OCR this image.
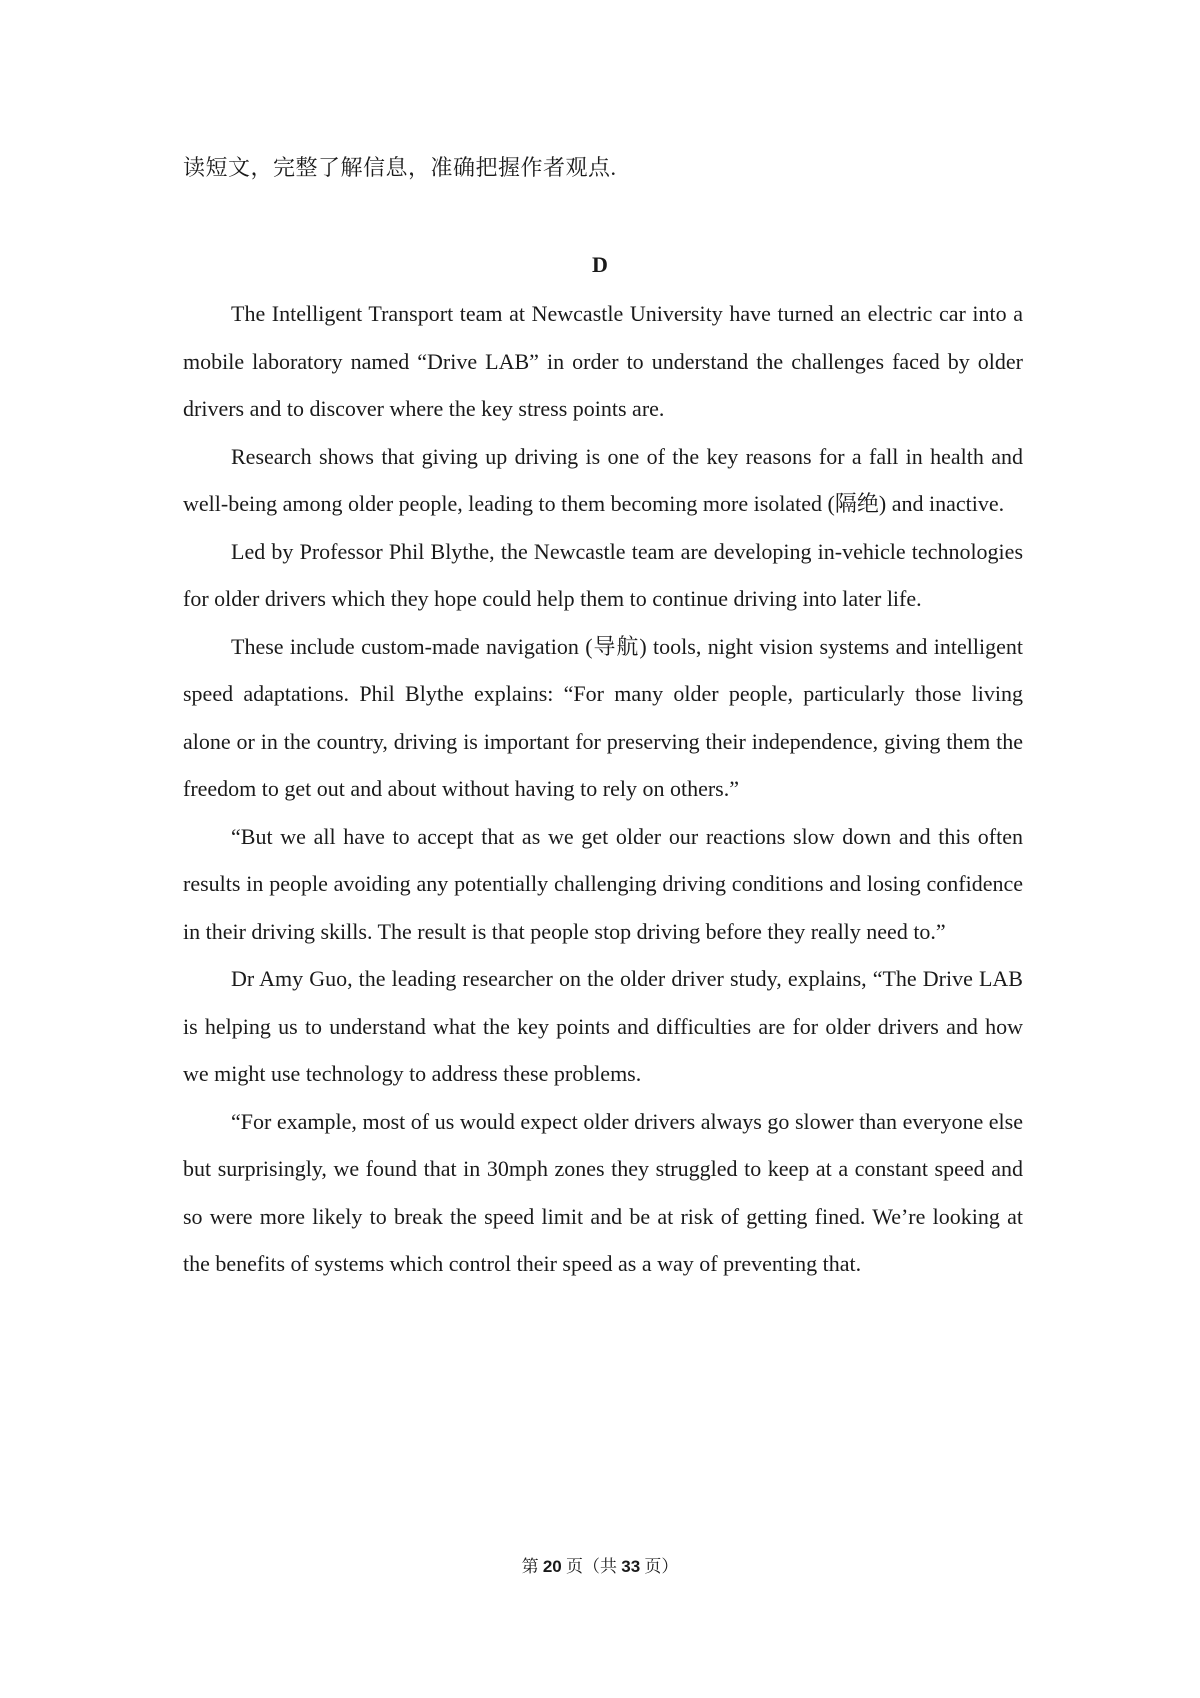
读短文，完整了解信息，准确把握作者观点.
D

The Intelligent Transport team at Newcastle University have turned an electric car into a mobile laboratory named “Drive LAB” in order to understand the challenges faced by older drivers and to discover where the key stress points are.

Research shows that giving up driving is one of the key reasons for a fall in health and well-being among older people, leading to them becoming more isolated (隔绝) and inactive.

Led by Professor Phil Blythe, the Newcastle team are developing in-vehicle technologies for older drivers which they hope could help them to continue driving into later life.

These include custom-made navigation (导航) tools, night vision systems and intelligent speed adaptations. Phil Blythe explains: “For many older people, particularly those living alone or in the country, driving is important for preserving their independence, giving them the freedom to get out and about without having to rely on others.”

“But we all have to accept that as we get older our reactions slow down and this often results in people avoiding any potentially challenging driving conditions and losing confidence in their driving skills. The result is that people stop driving before they really need to.”

Dr Amy Guo, the leading researcher on the older driver study, explains, “The Drive LAB is helping us to understand what the key points and difficulties are for older drivers and how we might use technology to address these problems.

“For example, most of us would expect older drivers always go slower than everyone else but surprisingly, we found that in 30mph zones they struggled to keep at a constant speed and so were more likely to break the speed limit and be at risk of getting fined. We’re looking at the benefits of systems which control their speed as a way of preventing that.

第 20 页（共 33 页）
